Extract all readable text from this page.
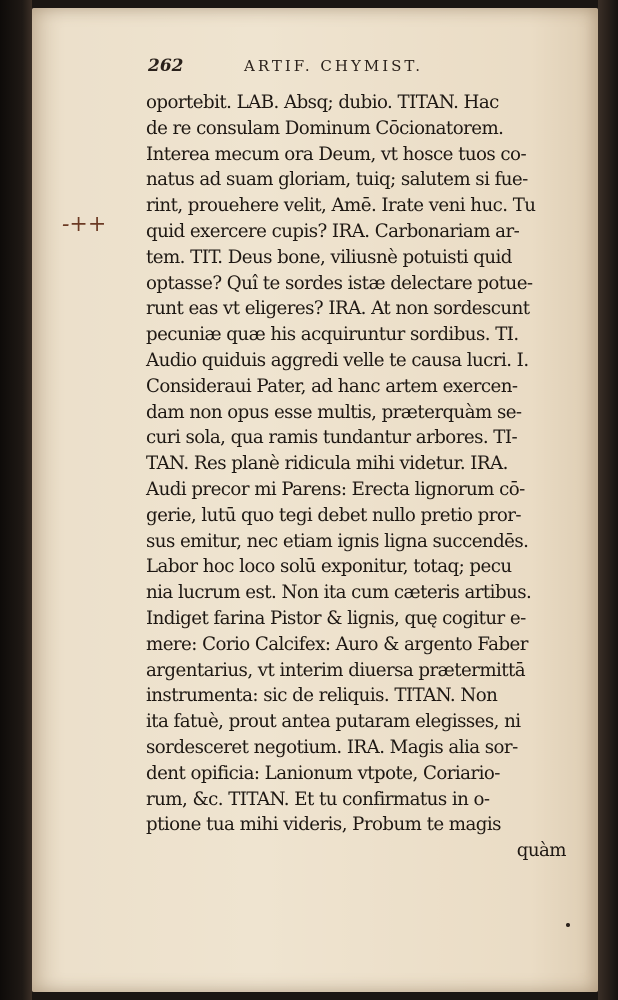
262	ARTIF. CHYMIST.
-++
oportebit. LAB. Absq; dubio. TITAN. Hac
de re consulam Dominum Cōcionatorem.
Interea mecum ora Deum, vt hosce tuos co-
natus ad suam gloriam, tuiq; salutem si fue-
rint, prouehere velit, Amē. Irate veni huc. Tu
quid exercere cupis? IRA. Carbonariam ar-
tem. TIT. Deus bone, viliusnè potuisti quid
optasse? Quî te sordes istæ delectare potue-
runt eas vt eligeres? IRA. At non sordescunt
pecuniæ quæ his acquiruntur sordibus. TI.
Audio quiduis aggredi velle te causa lucri. I.
Consideraui Pater, ad hanc artem exercen-
dam non opus esse multis, præterquàm se-
curi sola, qua ramis tundantur arbores. TI-
TAN. Res planè ridicula mihi videtur. IRA.
Audi precor mi Parens: Erecta lignorum cō-
gerie, lutū quo tegi debet nullo pretio pror-
sus emitur, nec etiam ignis ligna succendēs.
Labor hoc loco solū exponitur, totaq; pecu
nia lucrum est. Non ita cum cæteris artibus.
Indiget farina Pistor & lignis, quę cogitur e-
mere: Corio Calcifex: Auro & argento Faber
argentarius, vt interim diuersa prætermittā
instrumenta: sic de reliquis. TITAN. Non
ita fatuè, prout antea putaram elegisses, ni
sordesceret negotium. IRA. Magis alia sor-
dent opificia: Lanionum vtpote, Coriario-
rum, &c. TITAN. Et tu confirmatus in o-
ptione tua mihi videris, Probum te magis
quàm
